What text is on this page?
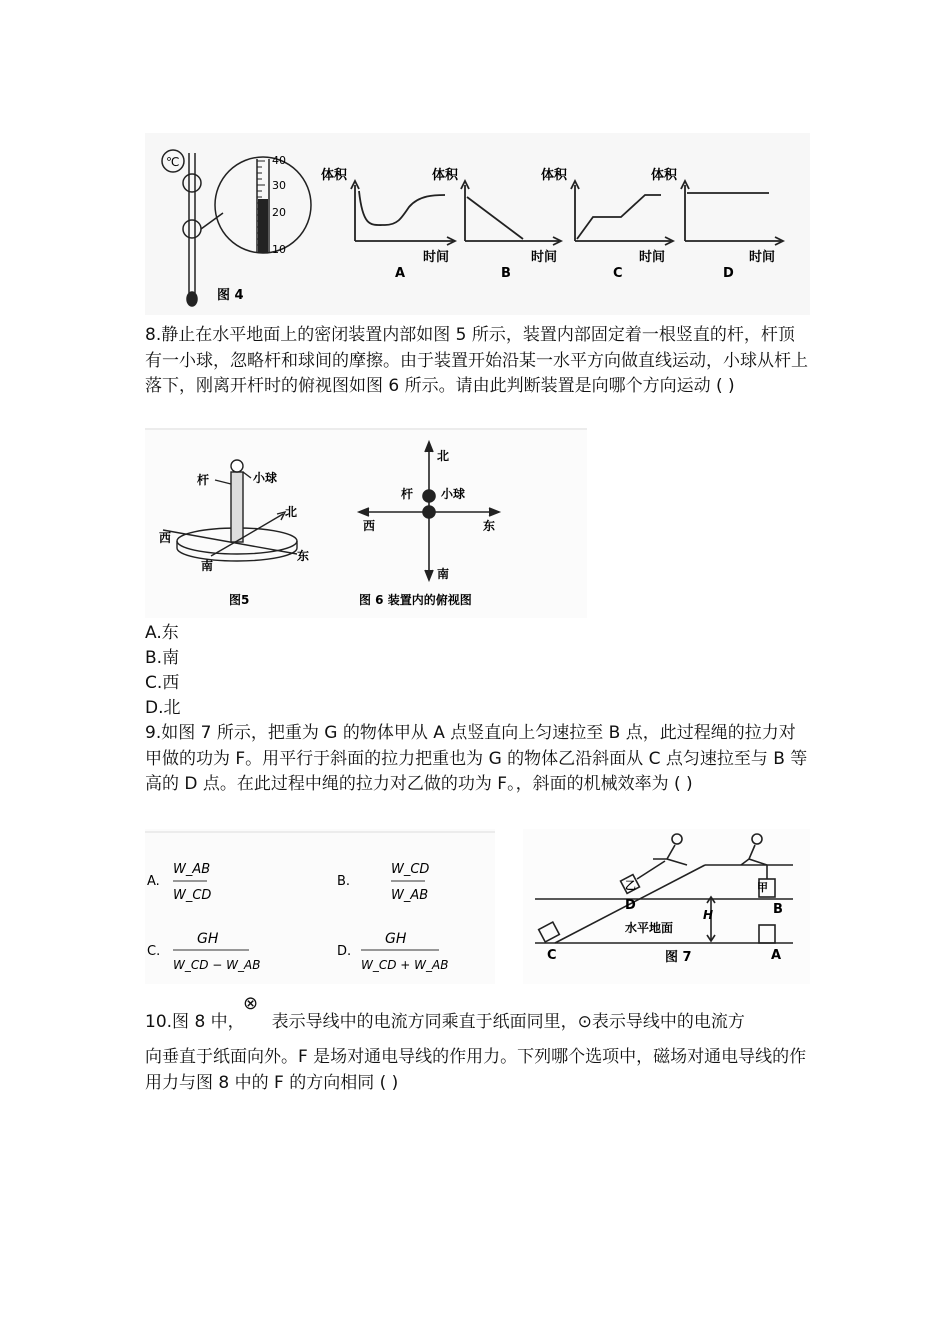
℃	40
30
20
10
图 4
体积
时间
A
体积
时间
B
体积
时间
C
体积
时间
D
8.静止在水平地面上的密闭装置内部如图 5 所示，装置内部固定着一根竖直的杆，杆顶有一小球，忽略杆和球间的摩擦。由于装置开始沿某一水平方向做直线运动，小球从杆上落下，刚离开杆时的俯视图如图 6 所示。请由此判断装置是向哪个方向运动 ( )
小球
杆
北
西
东
南
图5
北
南
西	东
杆 小球
图 6 装置内的俯视图
A.东
B.南
C.西
D.北
9.如图 7 所示，把重为 G 的物体甲从 A 点竖直向上匀速拉至 B 点，此过程绳的拉力对甲做的功为 F。用平行于斜面的拉力把重也为 G 的物体乙沿斜面从 C 点匀速拉至与 B 等高的 D 点。在此过程中绳的拉力对乙做的功为 F。，斜面的机械效率为 ( )
A.
W_AB
W_CD
B.
W_CD
W_AB
C.
GH
W_CD − W_AB
D.
GH
W_CD + W_AB
水平地面
H
甲
乙
A
B
C
D
图 7
⊗
10.图 8 中，     表示导线中的电流方同乘直于纸面同里，⊙表示导线中的电流方
向垂直于纸面向外。F 是场对通电导线的作用力。下列哪个选项中，磁场对通电导线的作用力与图 8 中的 F 的方向相同 ( )
